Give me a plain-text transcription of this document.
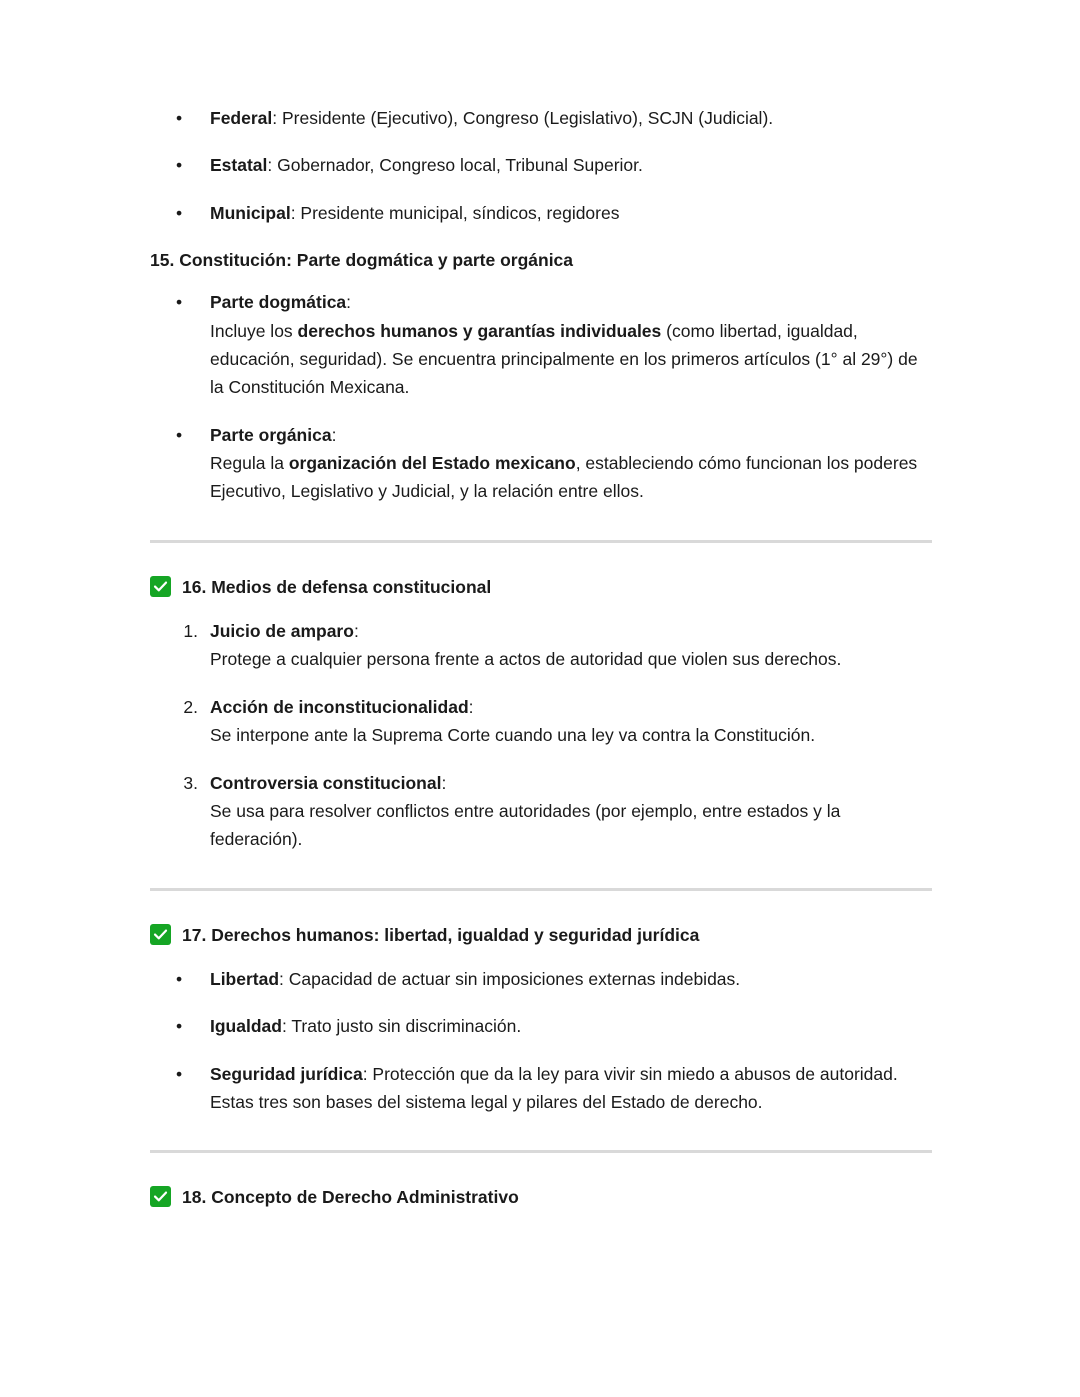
• Federal: Presidente (Ejecutivo), Congreso (Legislativo), SCJN (Judicial).
• Estatal: Gobernador, Congreso local, Tribunal Superior.
• Municipal: Presidente municipal, síndicos, regidores

15. Constitución: Parte dogmática y parte orgánica

• Parte dogmática:
Incluye los derechos humanos y garantías individuales (como libertad, igualdad, educación, seguridad). Se encuentra principalmente en los primeros artículos (1° al 29°) de la Constitución Mexicana.
• Parte orgánica:
Regula la organización del Estado mexicano, estableciendo cómo funcionan los poderes Ejecutivo, Legislativo y Judicial, y la relación entre ellos.

16. Medios de defensa constitucional

1. Juicio de amparo:
Protege a cualquier persona frente a actos de autoridad que violen sus derechos.
2. Acción de inconstitucionalidad:
Se interpone ante la Suprema Corte cuando una ley va contra la Constitución.
3. Controversia constitucional:
Se usa para resolver conflictos entre autoridades (por ejemplo, entre estados y la federación).

17. Derechos humanos: libertad, igualdad y seguridad jurídica

• Libertad: Capacidad de actuar sin imposiciones externas indebidas.
• Igualdad: Trato justo sin discriminación.
• Seguridad jurídica: Protección que da la ley para vivir sin miedo a abusos de autoridad. Estas tres son bases del sistema legal y pilares del Estado de derecho.

18. Concepto de Derecho Administrativo
